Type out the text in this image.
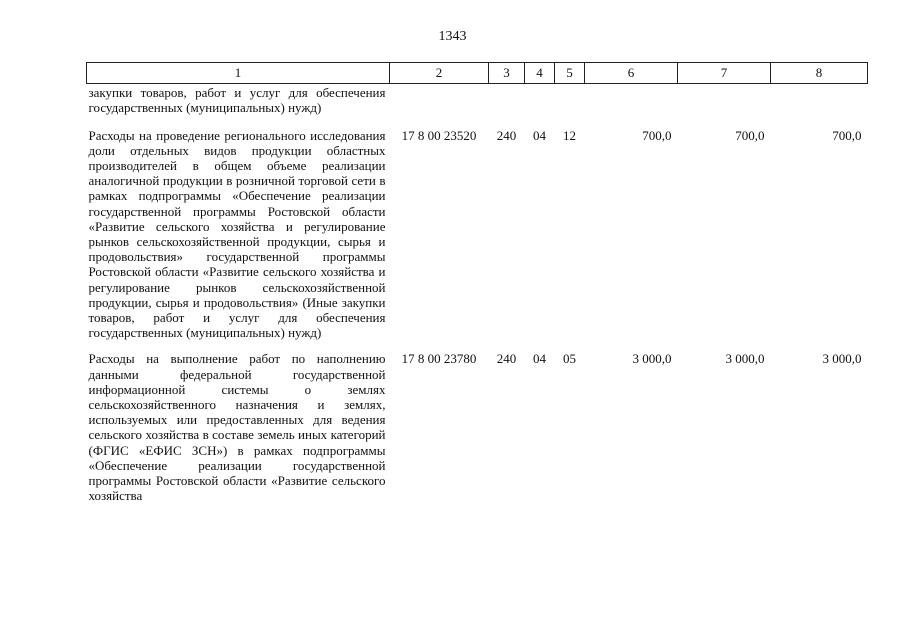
1343
1	2	3	4	5	6	7	8
закупки товаров, работ и услуг для обеспечения государственных (муниципальных) нужд)							
Расходы на проведение регионального исследования доли отдельных видов продукции областных производителей в общем объеме реализации аналогичной продукции в розничной торговой сети в рамках подпрограммы «Обеспечение реализации государственной программы Ростовской области «Развитие сельского хозяйства и регулирование рынков сельскохозяйственной продукции, сырья и продовольствия» государственной программы Ростовской области «Развитие сельского хозяйства и регулирование рынков сельскохозяйственной продукции, сырья и продовольствия» (Иные закупки товаров, работ и услуг для обеспечения государственных (муниципальных) нужд)	17 8 00 23520	240	04	12	700,0	700,0	700,0
Расходы на выполнение работ по наполнению данными федеральной государственной информационной системы о землях сельскохозяйственного назначения и землях, используемых или предоставленных для ведения сельского хозяйства в составе земель иных категорий (ФГИС «ЕФИС ЗСН») в рамках подпрограммы «Обеспечение реализации государственной программы Ростовской области «Развитие сельского хозяйства	17 8 00 23780	240	04	05	3 000,0	3 000,0	3 000,0
